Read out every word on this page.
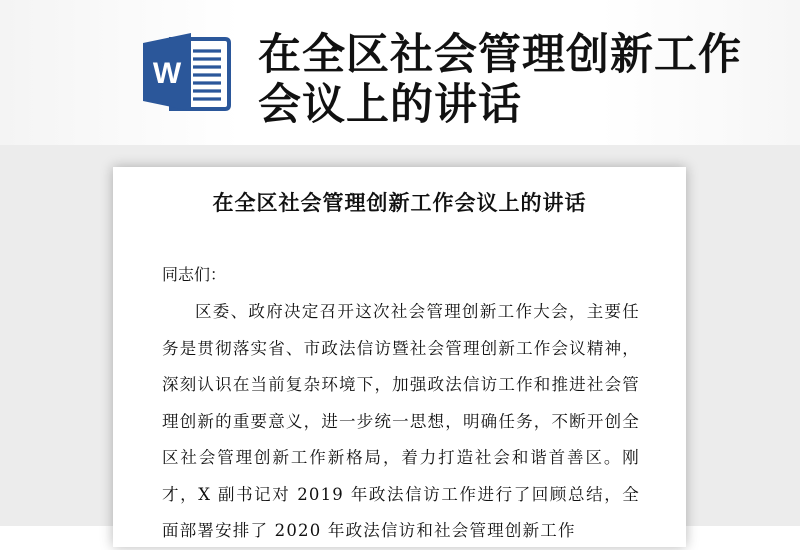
W 在全区社会管理创新工作会议上的讲话
在全区社会管理创新工作会议上的讲话
同志们：
区委、政府决定召开这次社会管理创新工作大会，主要任务是贯彻落实省、市政法信访暨社会管理创新工作会议精神，深刻认识在当前复杂环境下，加强政法信访工作和推进社会管理创新的重要意义，进一步统一思想，明确任务，不断开创全区社会管理创新工作新格局，着力打造社会和谐首善区。刚才，X 副书记对 2019 年政法信访工作进行了回顾总结，全面部署安排了 2020 年政法信访和社会管理创新工作
